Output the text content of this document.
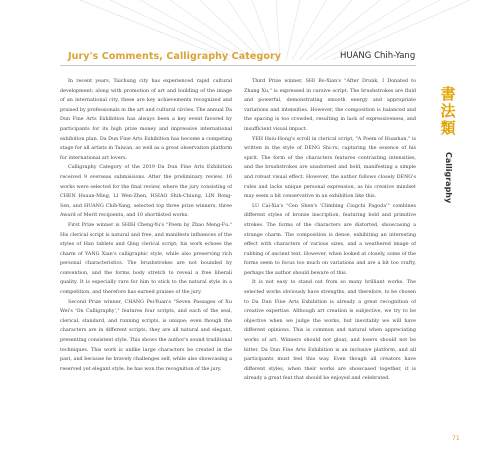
Jury's Comments, Calligraphy Category	HUANG Chih-Yang

In recent years, Taichung city has experienced rapid cultural development; along with promotion of art and building of the image of an international city, these are key achievements recognized and praised by professionals in the art and cultural circles. The annual Da Dun Fine Arts Exhibition has always been a key event favored by participants for its high prize money and impressive international exhibition plan. Da Dun Fine Arts Exhibition has become a competing stage for all artists in Taiwan, as well as a great observation platform for international art lovers.

Calligraphy Category of the 2019 Da Dun Fine Arts Exhibition received 9 overseas submissions. After the preliminary review, 16 works were selected for the final review, where the jury consisting of CHEN Hsuan-Ming, LI Wen-Zhen, HSIAO Shih-Chiung, LIN Rong-Sen, and HUANG Chih-Yang, selected top three prize winners, three Award of Merit recipients, and 10 shortlisted works.

First Prize winner is SHIH Cheng-Yu's "Poem by Zhao Meng-Fu." His clerical script is natural and free, and manifests influences of the styles of Han tablets and Qing clerical script; his work echoes the charm of YANG Xian's calligraphic style, while also preserving rich personal characteristics. The brushstrokes are not bounded by convention, and the forms body stretch to reveal a free liberali quality. It is especially rare for him to stick to the natural style in a competition, and therefore has earned praises of the jury.

Second Prize winner, CHANG Pei-Yuan's "Seven Passages of Xu Wei's 'On Calligraphy'," features four scripts, and each of the seal, clerical, standard, and running scripts, is unique; even though the characters are in different scripts, they are all natural and elegant, presenting consistent style. This shows the author's sound traditional techniques. This work is unlike large characters be created in the past, and because he bravely challenges self, while also showcasing a reserved yet elegant style, he has won the recognition of the jury.

Third Prize winner, SHI Bo-Xian's "After Drunk, I Donated to Zhang Xu," is expressed in cursive script. The brushstrokes are fluid and powerful, demonstrating smooth energy and appropriate variations and intensities. However, the composition is balanced and the spacing is too crowded, resulting in lack of expressiveness, and insufficient visual impact.

YEH Hsiu-Hong's scroll in clerical script, "A Poem of Huashan," is written in the style of DENG Shi-ru, capturing the essence of his spirit. The form of the characters features contrasting intensities, and the brushstrokes are unadorned and bold, manifesting a simple and robust visual effect. However, the author follows closely DENG's rules and lacks unique personal expression, as his creative mindset may seem a bit conservative in an exhibition like this.

LU Cai-Xia's "Cen Shen's 'Climbing Ciugchi Pagoda'" combines different styles of bronze inscription, featuring bold and primitive strokes. The forms of the characters are distorted, showcasing a strange charm. The composition is dense, exhibiting an interesting effect with characters of various sizes, and a weathered image of rubbing of ancient text. However, when looked at closely, some of the forms seem to focus too much on variations and are a bit too crafty, perhaps the author should beware of this.

It is not easy to stand out from so many brilliant works. The selected works obviously have strengths, and therefore, to be chosen to Da Dun Fine Arts Exhibition is already a great recognition of creative expertise. Although art creation is subjective, we try to be objective when we judge the works, but inevitably we will have different opinions. This is common and natural when appreciating works of art. Winners should not gloat, and losers should not be bitter. Da Dun Fine Arts Exhibition is an inclusive platform, and all participants must feel this way. Even though all creators have different styles, when their works are showcased together, it is already a great feat that should be enjoyed and celebrated.

書
法
類
Calligraphy
71
